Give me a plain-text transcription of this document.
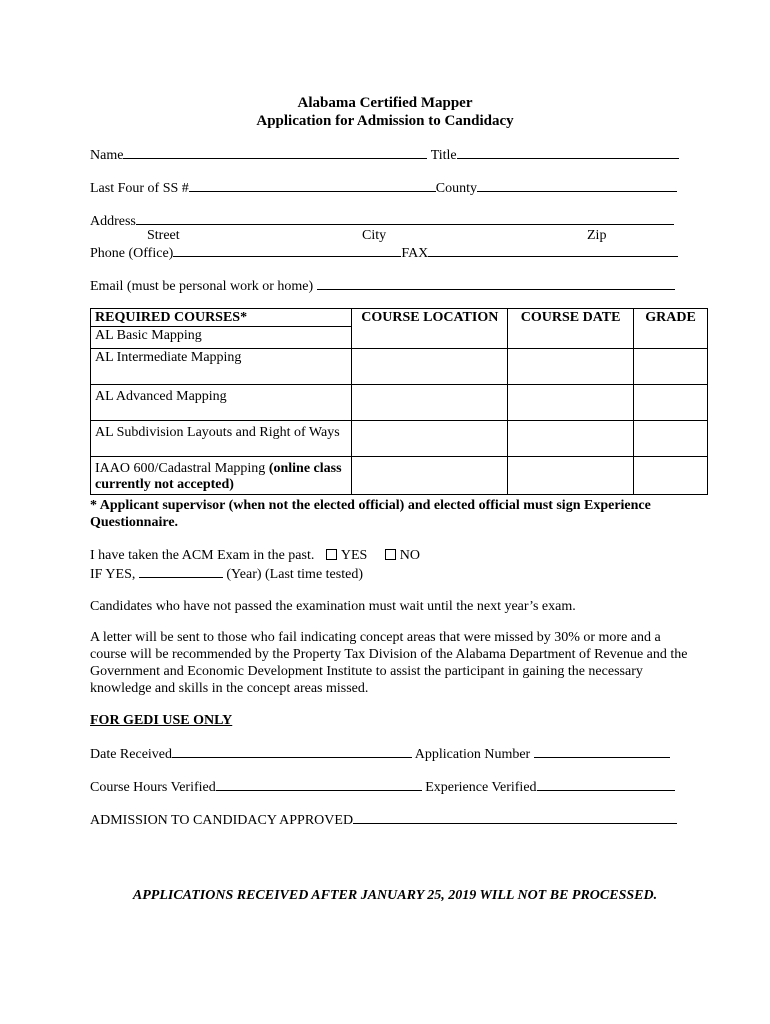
Alabama Certified Mapper
Application for Admission to Candidacy
Name	Title
Last Four of SS #	County
Address
Street	City	Zip
Phone (Office)	FAX
Email (must be personal work or home)
REQUIRED COURSES*	COURSE LOCATION	COURSE DATE	GRADE
AL Basic Mapping			
AL Intermediate Mapping			
AL Advanced Mapping			
AL Subdivision Layouts and Right of Ways			
IAAO 600/Cadastral Mapping (online class currently not accepted)			
* Applicant supervisor (when not the elected official) and elected official must sign Experience Questionnaire.
I have taken the ACM Exam in the past. YES NO
IF YES,	(Year) (Last time tested)
Candidates who have not passed the examination must wait until the next year’s exam.
A letter will be sent to those who fail indicating concept areas that were missed by 30% or more and a course will be recommended by the Property Tax Division of the Alabama Department of Revenue and the Government and Economic Development Institute to assist the participant in gaining the necessary knowledge and skills in the concept areas missed.
FOR GEDI USE ONLY
Date Received	Application Number
Course Hours Verified	Experience Verified
ADMISSION TO CANDIDACY APPROVED
APPLICATIONS RECEIVED AFTER JANUARY 25, 2019 WILL NOT BE PROCESSED.
